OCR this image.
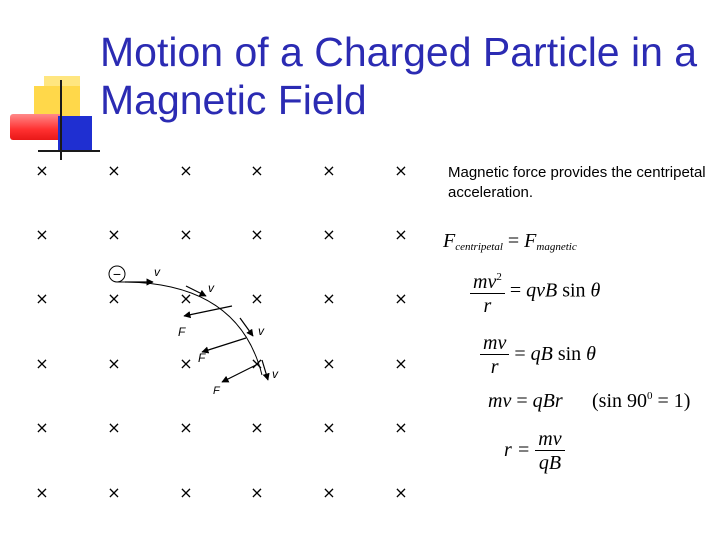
Motion of a Charged Particle in a Magnetic Field
×	×	×	×	×	×
×	×	×	×	×	×
×	×	×	×	×
×	×	×	×	×	×
×	×	×	×	×	×
×	×	×	×	×	×
×
−	v
v
v
v
F
F
F
Magnetic force provides the centripetal acceleration.
$F_{centripetal} = F_{magnetic}$
$\frac{mv^2}{r}$ = qvB sin θ
$\frac{mv}{r}$ = qB sin θ
mv = qBr (sin $90^0 = 1$)
$r = \frac{mv}{qB}$
